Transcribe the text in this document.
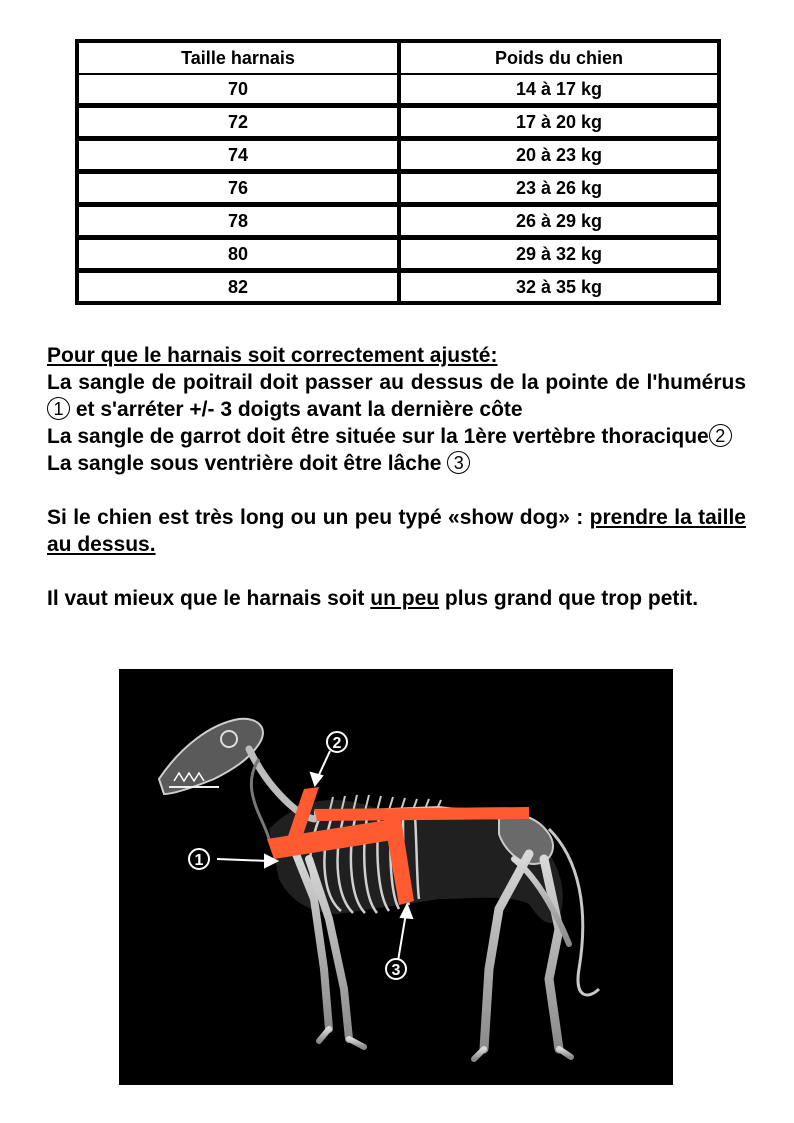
Taille harnais	Poids du chien
70	14 à 17 kg
72	17 à 20 kg
74	20 à 23 kg
76	23 à 26 kg
78	26 à 29 kg
80	29 à 32 kg
82	32 à 35 kg

Pour que le harnais soit correctement ajusté:

La sangle de poitrail doit passer au dessus de la pointe de l'humérus 1 et s'arréter +/- 3 doigts avant la dernière côte

La sangle de garrot doit être située sur la 1ère vertèbre thoracique 2

La sangle sous ventrière doit être lâche 3

Si le chien est très long ou un peu typé «show dog» : prendre la taille au dessus.

Il vaut mieux que le harnais soit un peu plus grand que trop petit.

2
1
3
